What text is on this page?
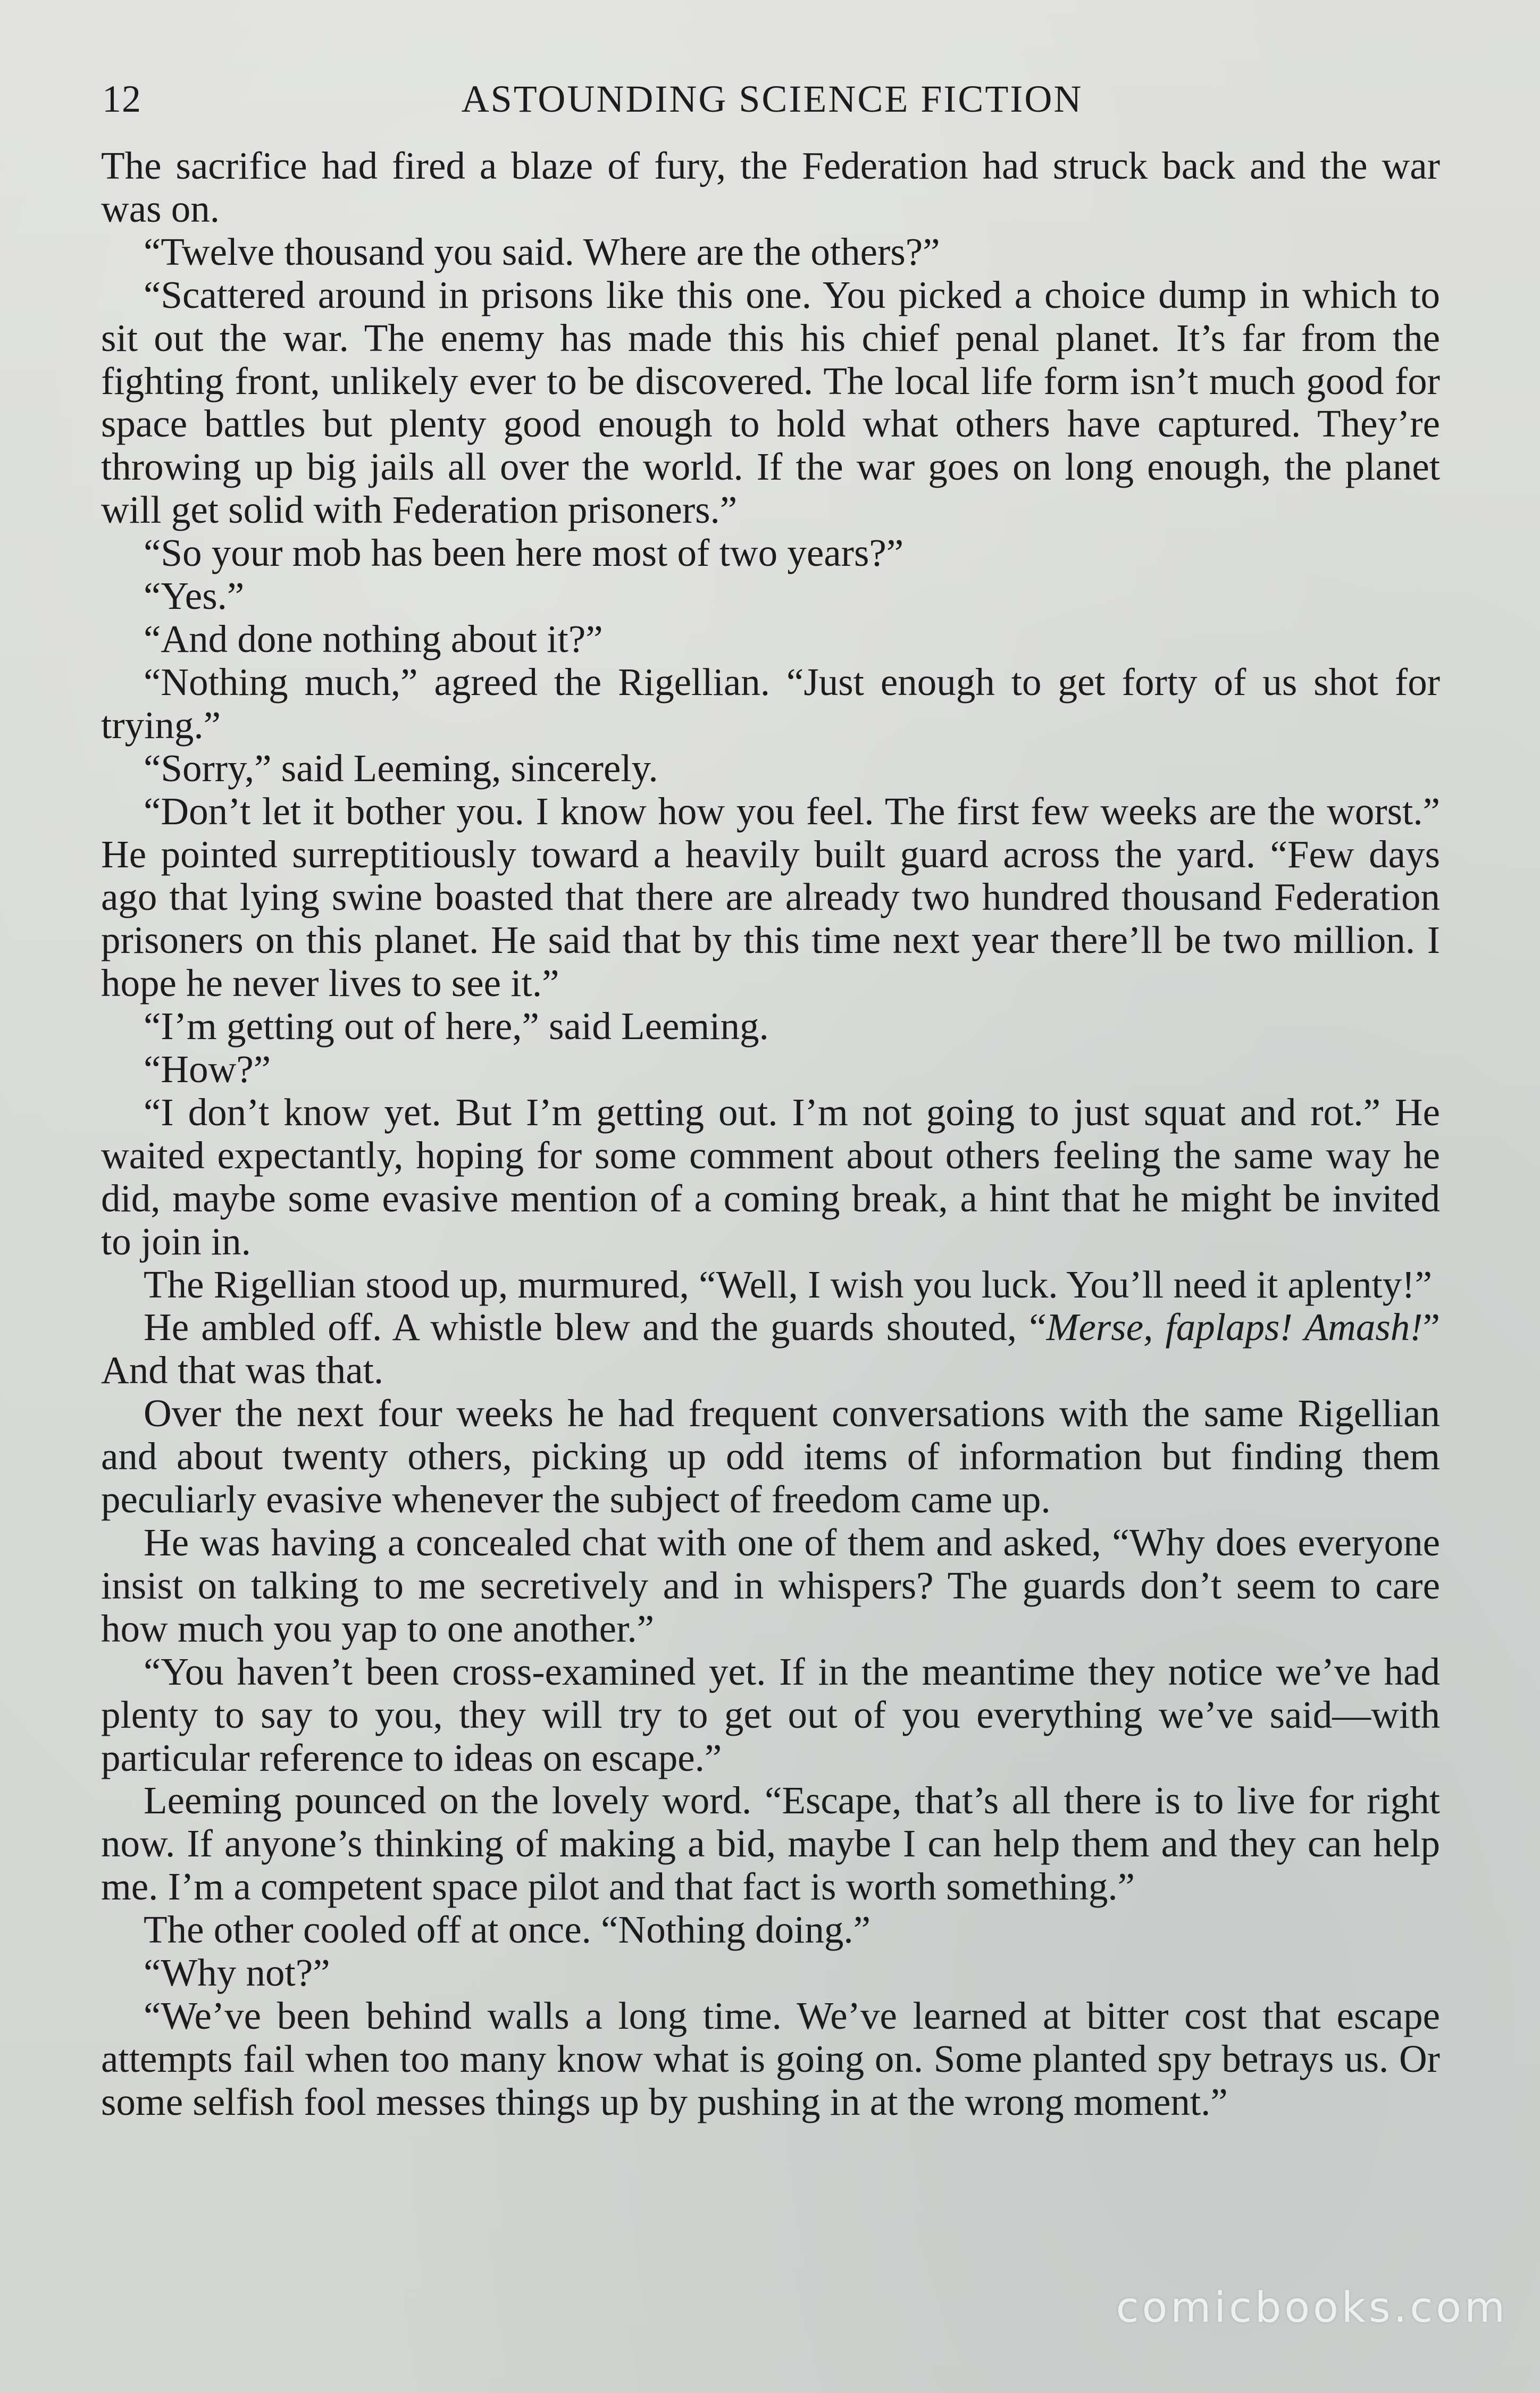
12	ASTOUNDING SCIENCE FICTION

The sacrifice had fired a blaze of fury, the Federation had struck back and the war was on.

“Twelve thousand you said. Where are the others?”

“Scattered around in prisons like this one. You picked a choice dump in which to sit out the war. The enemy has made this his chief penal planet. It’s far from the fighting front, unlikely ever to be discovered. The local life form isn’t much good for space battles but plenty good enough to hold what others have captured. They’re throwing up big jails all over the world. If the war goes on long enough, the planet will get solid with Federation prisoners.”

“So your mob has been here most of two years?”

“Yes.”

“And done nothing about it?”

“Nothing much,” agreed the Rigellian. “Just enough to get forty of us shot for trying.”

“Sorry,” said Leeming, sincerely.

“Don’t let it bother you. I know how you feel. The first few weeks are the worst.” He pointed surreptitiously toward a heavily built guard across the yard. “Few days ago that lying swine boasted that there are already two hundred thousand Federation prisoners on this planet. He said that by this time next year there’ll be two million. I hope he never lives to see it.”

“I’m getting out of here,” said Leeming.

“How?”

“I don’t know yet. But I’m getting out. I’m not going to just squat and rot.” He waited expectantly, hoping for some comment about others feeling the same way he did, maybe some evasive mention of a coming break, a hint that he might be invited to join in.

The Rigellian stood up, murmured, “Well, I wish you luck. You’ll need it aplenty!”

He ambled off. A whistle blew and the guards shouted, “Merse, faplaps! Amash!” And that was that.

Over the next four weeks he had frequent conversations with the same Rigellian and about twenty others, picking up odd items of information but finding them peculiarly evasive whenever the subject of freedom came up.

He was having a concealed chat with one of them and asked, “Why does everyone insist on talking to me secretively and in whispers? The guards don’t seem to care how much you yap to one another.”

“You haven’t been cross-examined yet. If in the meantime they notice we’ve had plenty to say to you, they will try to get out of you everything we’ve said—with particular reference to ideas on escape.”

Leeming pounced on the lovely word. “Escape, that’s all there is to live for right now. If anyone’s thinking of making a bid, maybe I can help them and they can help me. I’m a competent space pilot and that fact is worth something.”

The other cooled off at once. “Nothing doing.”

“Why not?”

“We’ve been behind walls a long time. We’ve learned at bitter cost that escape attempts fail when too many know what is going on. Some planted spy betrays us. Or some selfish fool messes things up by pushing in at the wrong moment.”

comicbooks.com
